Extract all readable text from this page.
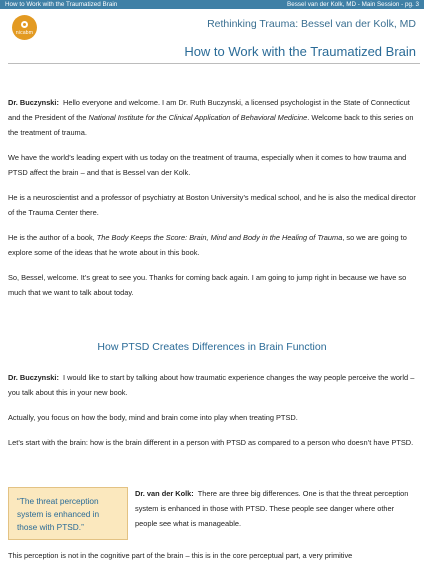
How to Work with the Traumatized Brain	Bessel van der Kolk, MD - Main Session - pg. 3
nicabm
Rethinking Trauma: Bessel van der Kolk, MD
How to Work with the Traumatized Brain

Dr. Buczynski: Hello everyone and welcome. I am Dr. Ruth Buczynski, a licensed psychologist in the State of Connecticut and the President of the National Institute for the Clinical Application of Behavioral Medicine. Welcome back to this series on the treatment of trauma.

We have the world’s leading expert with us today on the treatment of trauma, especially when it comes to how trauma and PTSD affect the brain – and that is Bessel van der Kolk.

He is a neuroscientist and a professor of psychiatry at Boston University’s medical school, and he is also the medical director of the Trauma Center there.

He is the author of a book, The Body Keeps the Score: Brain, Mind and Body in the Healing of Trauma, so we are going to explore some of the ideas that he wrote about in this book.

So, Bessel, welcome. It’s great to see you. Thanks for coming back again. I am going to jump right in because we have so much that we want to talk about today.

How PTSD Creates Differences in Brain Function

Dr. Buczynski: I would like to start by talking about how traumatic experience changes the way people perceive the world – you talk about this in your new book.

Actually, you focus on how the body, mind and brain come into play when treating PTSD.

Let’s start with the brain: how is the brain different in a person with PTSD as compared to a person who doesn’t have PTSD.

“The threat perception system is enhanced in those with PTSD.”
Dr. van der Kolk: There are three big differences. One is that the threat perception system is enhanced in those with PTSD. These people see danger where other people see what is manageable.
This perception is not in the cognitive part of the brain – this is in the core perceptual part, a very primitive
